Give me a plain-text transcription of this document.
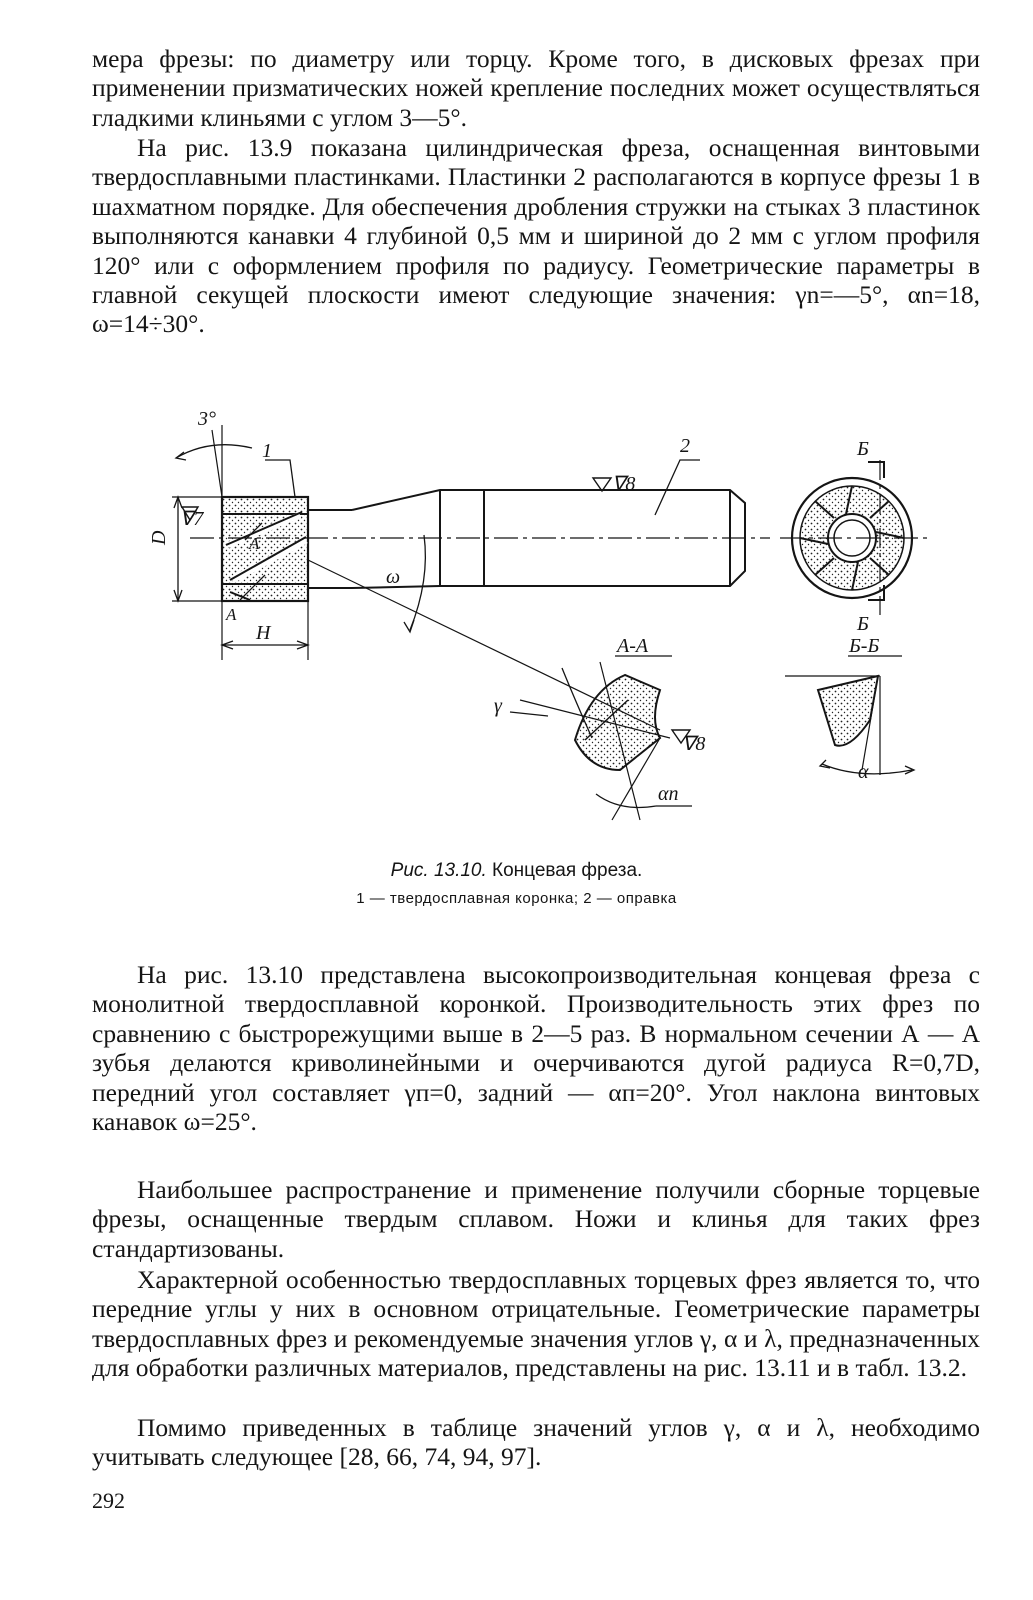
мера фрезы: по диаметру или торцу. Кроме того, в дисковых фрезах при применении призматических ножей крепление последних может осуществляться гладкими клиньями с углом 3—5°.

На рис. 13.9 показана цилиндрическая фреза, оснащенная винтовыми твердосплавными пластинками. Пластинки 2 располагаются в корпусе фрезы 1 в шахматном порядке. Для обеспечения дробления стружки на стыках 3 пластинок выполняются канавки 4 глубиной 0,5 мм и шириной до 2 мм с углом профиля 120° или с оформлением профиля по радиусу. Геометрические параметры в главной секущей плоскости имеют следующие значения: γn=—5°, αn=18, ω=14÷30°.

3°
1	2
∇8
∇7
D
H
ω
A
A
Б
Б
А-А	Б-Б
γ
∇8
αп
α
Рис. 13.10. Концевая фреза.
1 — твердосплавная коронка; 2 — оправка

На рис. 13.10 представлена высокопроизводительная концевая фреза с монолитной твердосплавной коронкой. Производительность этих фрез по сравнению с быстрорежущими выше в 2—5 раз. В нормальном сечении А — А зубья делаются криволинейными и очерчиваются дугой радиуса R=0,7D, передний угол составляет γп=0, задний — αп=20°. Угол наклона винтовых канавок ω=25°.

Наибольшее распространение и применение получили сборные торцевые фрезы, оснащенные твердым сплавом. Ножи и клинья для таких фрез стандартизованы.

Характерной особенностью твердосплавных торцевых фрез является то, что передние углы у них в основном отрицательные. Геометрические параметры твердосплавных фрез и рекомендуемые значения углов γ, α и λ, предназначенных для обработки различных материалов, представлены на рис. 13.11 и в табл. 13.2.

Помимо приведенных в таблице значений углов γ, α и λ, необходимо учитывать следующее [28, 66, 74, 94, 97].

292
